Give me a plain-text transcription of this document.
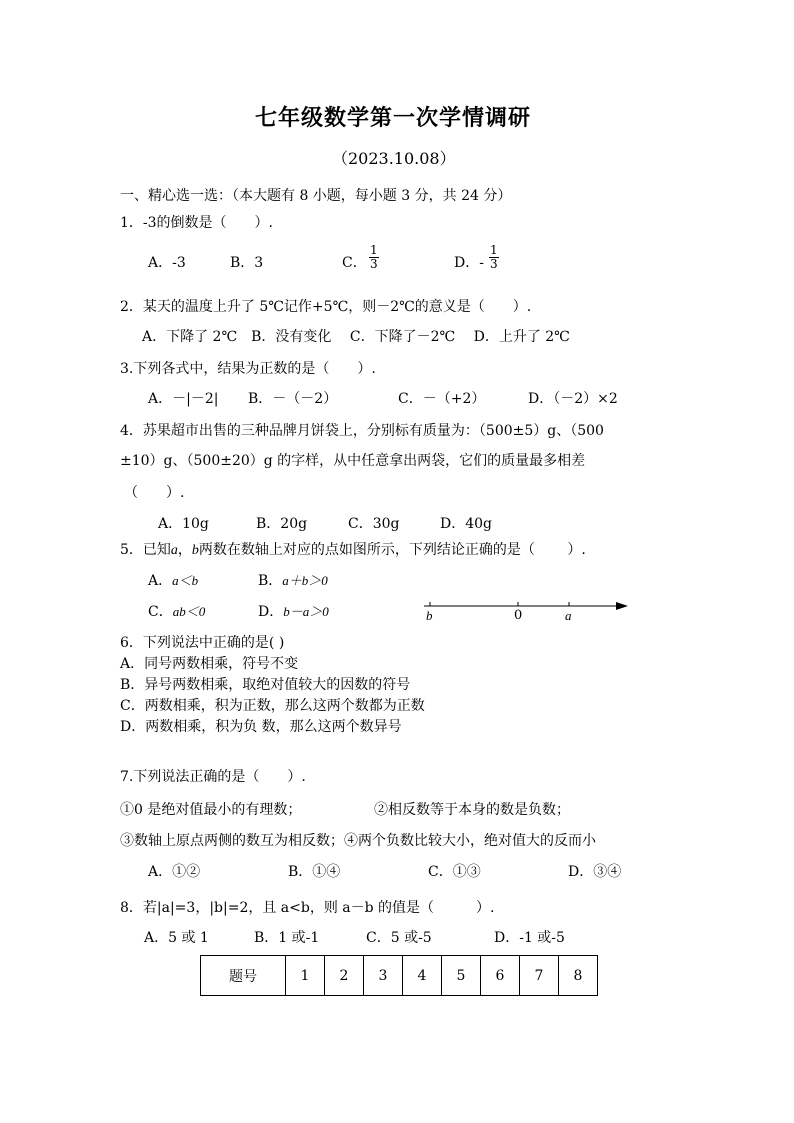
七年级数学第一次学情调研
（2023.10.08）
一、精心选一选：（本大题有 8 小题，每小题 3 分，共 24 分）
1．-3的倒数是（　　）.
A．-3	B．3	C． $\frac{1}{3}$	D．- $\frac{1}{3}$
2．某天的温度上升了 5℃记作+5℃，则－2℃的意义是（　　）.
A．下降了 2℃　B．没有变化　 C．下降了－2℃　 D．上升了 2℃
3.下列各式中，结果为正数的是（　　）.
A．－|－2| B．－（－2）	C．－（+2）	D．（－2）×2
4．苏果超市出售的三种品牌月饼袋上，分别标有质量为：（500±5）g、（500
±10）g、（500±20）g 的字样，从中任意拿出两袋，它们的质量最多相差
（　　）.
A．10g	B．20g	C．30g	D．40g
5．已知a，b两数在数轴上对应的点如图所示，下列结论正确的是（　　 ）.
A．a＜b	B．a＋b＞0
C．ab＜0	D．b－a＞0	b	0	a
6．下列说法中正确的是( )
A．同号两数相乘，符号不变
B．异号两数相乘，取绝对值较大的因数的符号
C．两数相乘，积为正数，那么这两个数都为正数
D．两数相乘，积为负 数，那么这两个数异号
7.下列说法正确的是（　　）.
①0 是绝对值最小的有理数；	②相反数等于本身的数是负数；
③数轴上原点两侧的数互为相反数；④两个负数比较大小，绝对值大的反而小
A．①②	B．①④	C．①③	D．③④
8．若|a|=3，|b|=2，且 a<b，则 a－b 的值是（　　　）.
A．5 或 1	B．1 或-1	C．5 或-5	D．-1 或-5
题号	1	2	3	4	5	6	7	8
